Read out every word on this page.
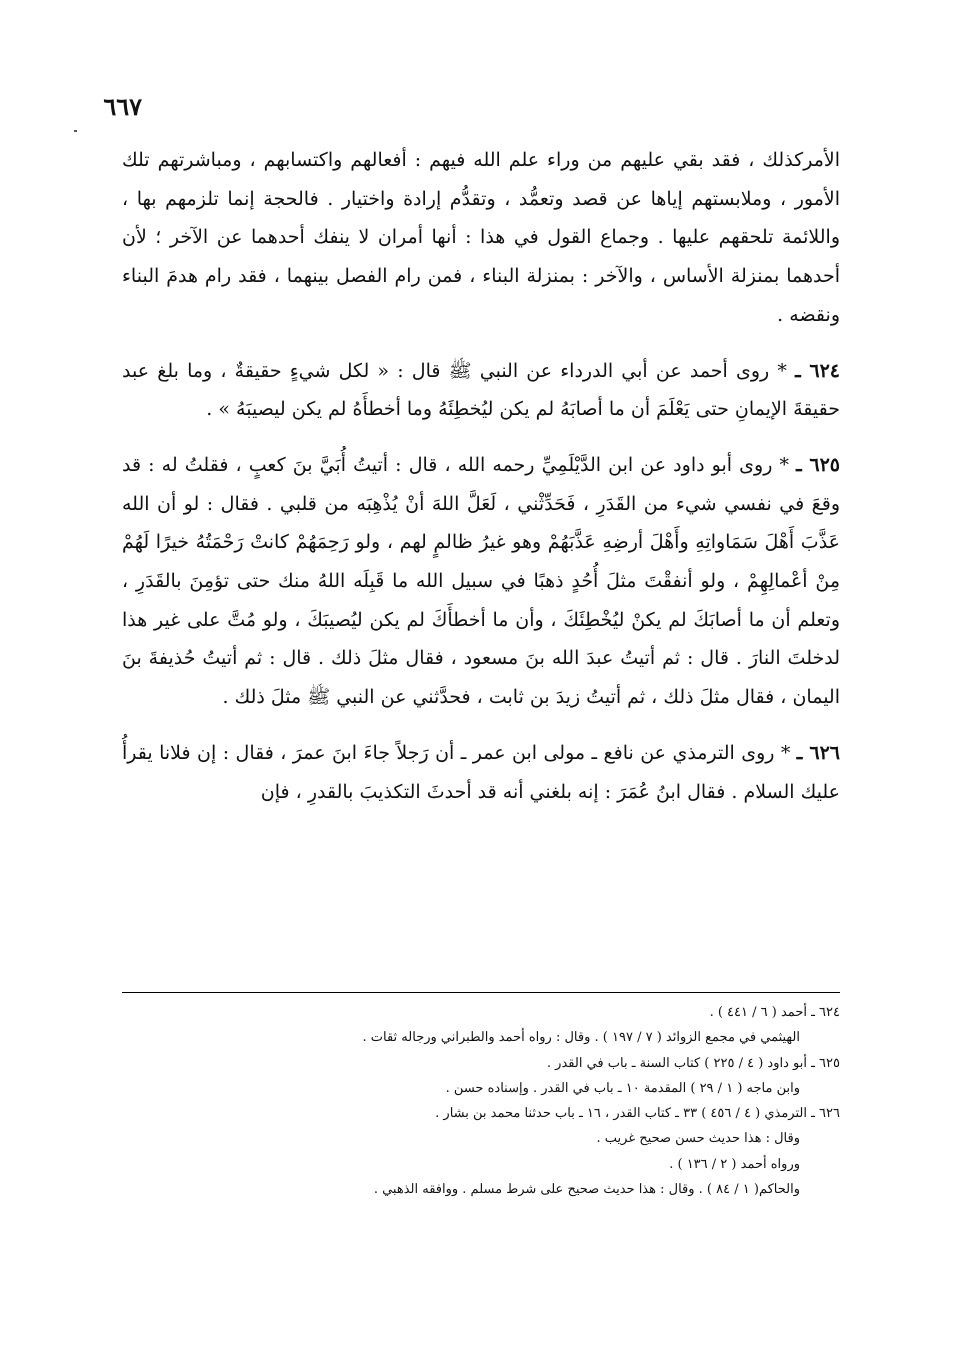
٦٦٧

الأمركذلك ، فقد بقي عليهم من وراء علم الله فيهم : أفعالهم واكتسابهم ، ومباشرتهم تلك الأمور ، وملابستهم إياها عن قصد وتعمُّد ، وتقدُّم إرادة واختيار . فالحجة إنما تلزمهم بها ، واللائمة تلحقهم عليها . وجماع القول في هذا : أنها أمران لا ينفك أحدهما عن الآخر ؛ لأن أحدهما بمنزلة الأساس ، والآخر : بمنزلة البناء ، فمن رام الفصل بينهما ، فقد رام هدمَ البناء ونقضه .

٦٢٤ ـ * روى أحمد عن أبي الدرداء عن النبي ﷺ قال : « لكل شيءٍ حقيقةٌ ، وما بلغ عبد حقيقةَ الإيمانِ حتى يَعْلَمَ أن ما أصابَهُ لم يكن ليُخطِئَهُ وما أخطأَهُ لم يكن ليصيبَهُ » .

٦٢٥ ـ * روى أبو داود عن ابن الدَّيْلَمِيِّ رحمه الله ، قال : أتيتُ أُبَيَّ بنَ كعبٍ ، فقلتُ له : قد وقعَ في نفسي شيء من القَدَرِ ، فَحَدِّثْني ، لَعَلَّ اللهَ أنْ يُذْهِبَه من قلبي . فقال : لو أن الله عَذَّبَ أَهْلَ سَمَاواتِهِ وأَهْلَ أرضِهِ عَذَّبَهُمْ وهو غيرُ ظالمٍ لهم ، ولو رَحِمَهُمْ كانتْ رَحْمَتُهُ خيرًا لَهُمْ مِنْ أعْمالِهِمْ ، ولو أنفقْتَ مثلَ أُحُدٍ ذهبًا في سبيل الله ما قَبِلَه اللهُ منك حتى تؤمِنَ بالقَدَرِ ، وتعلم أن ما أصابَكَ لم يكنْ ليُخْطِئَكَ ، وأن ما أخطأَكَ لم يكن ليُصيبَكَ ، ولو مُتَّ على غير هذا لدخلتَ النارَ . قال : ثم أتيتُ عبدَ الله بنَ مسعود ، فقال مثلَ ذلك . قال : ثم أتيتُ حُذيفةَ بنَ اليمان ، فقال مثلَ ذلك ، ثم أتيتُ زيدَ بن ثابت ، فحدَّثني عن النبي ﷺ مثلَ ذلك .

٦٢٦ ـ * روى الترمذي عن نافع ـ مولى ابن عمر ـ أن رَجلاً جاءَ ابنَ عمرَ ، فقال : إن فلانا يقرأُ عليك السلام . فقال ابنُ عُمَرَ : إنه بلغني أنه قد أحدثَ التكذيبَ بالقدرِ ، فإن

٦٢٤ ـ أحمد ( ٦ / ٤٤١ ) .
الهيثمي في مجمع الزوائد ( ٧ / ١٩٧ ) . وقال : رواه أحمد والطبراني ورجاله ثقات .
٦٢٥ ـ أبو داود ( ٤ / ٢٢٥ ) كتاب السنة ـ باب في القدر .
وابن ماجه ( ١ / ٢٩ ) المقدمة ١٠ ـ باب في القدر . وإسناده حسن .
٦٢٦ ـ الترمذي ( ٤ / ٤٥٦ ) ٣٣ ـ كتاب القدر ، ١٦ ـ باب حدثنا محمد بن بشار .
وقال : هذا حديث حسن صحيح غريب .
ورواه أحمد ( ٢ / ١٣٦ ) .
والحاكم( ١ / ٨٤ ) . وقال : هذا حديث صحيح على شرط مسلم . ووافقه الذهبي .
